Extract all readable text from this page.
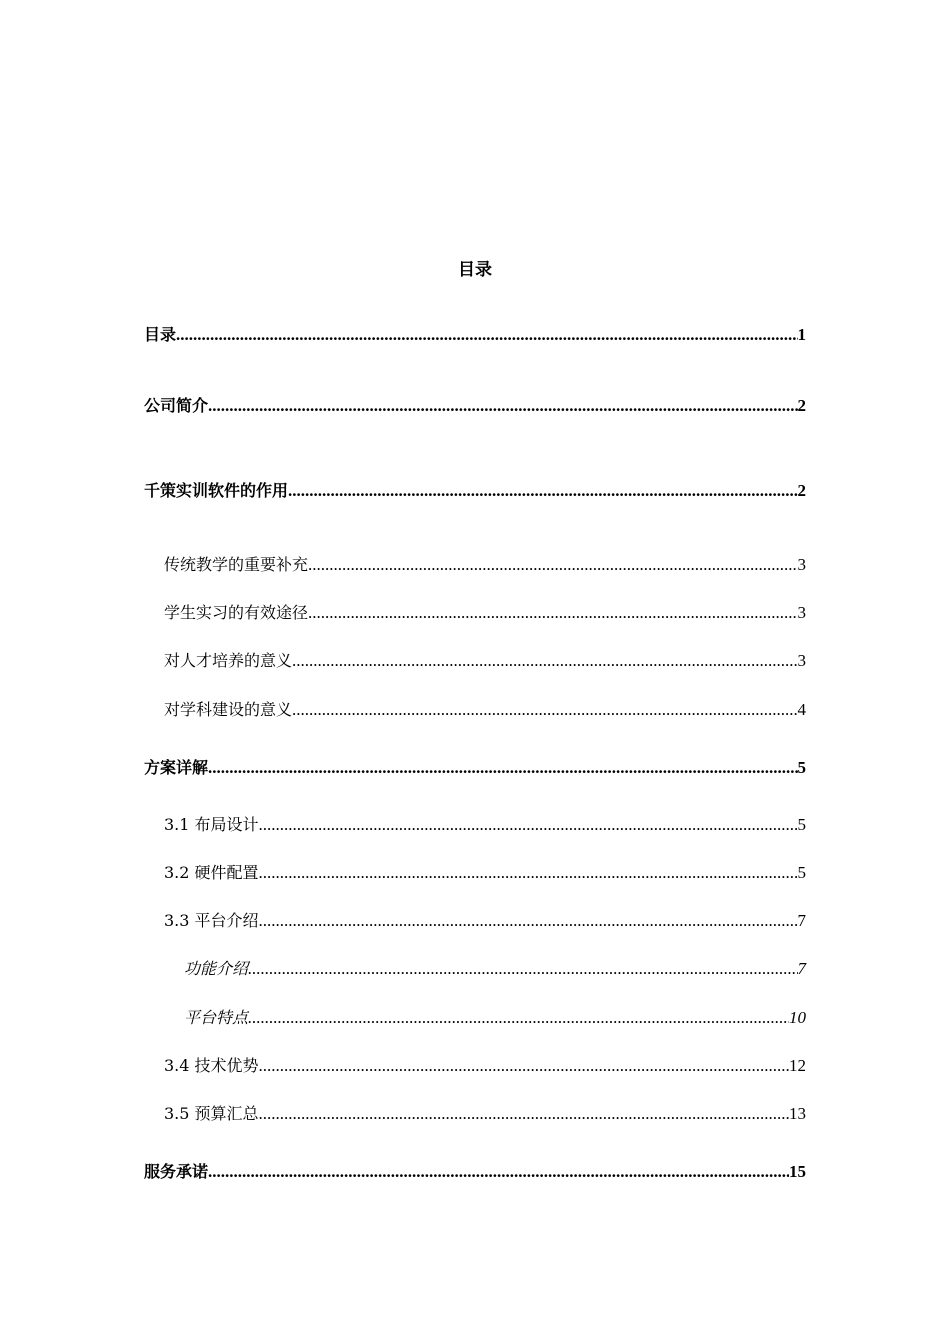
目录
目录 .....	1
公司简介 .....	2
千策实训软件的作用 .....	2
传统教学的重要补充 .....	3
学生实习的有效途径 .....	3
对人才培养的意义 .....	3
对学科建设的意义 .....	4
方案详解 .....	5
3.1 布局设计 .....	5
3.2 硬件配置 .....	5
3.3 平台介绍 .....	7
功能介绍 .....	7
平台特点 .....	10
3.4 技术优势 .....	12
3.5 预算汇总 .....	13
服务承诺 .....	15
